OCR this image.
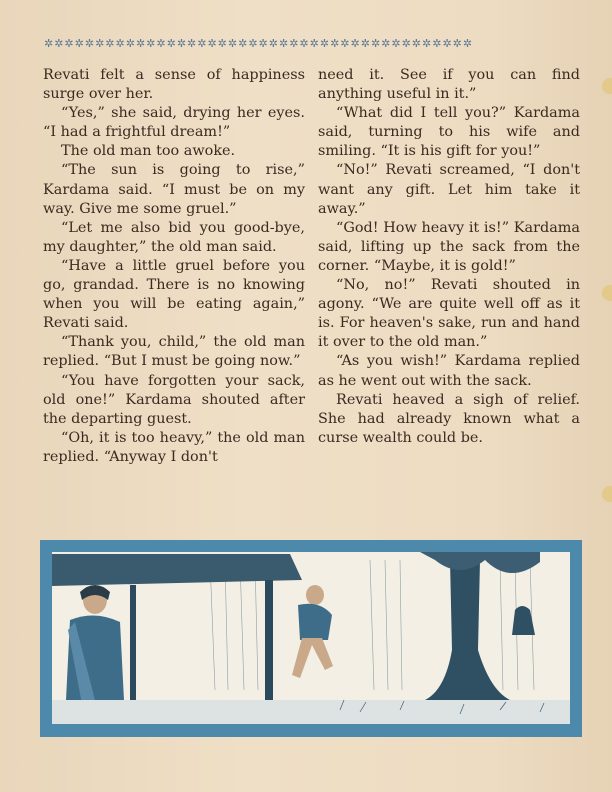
✲✲✲✲✲✲✲✲✲✲✲✲✲✲✲✲✲✲✲✲✲✲✲✲✲✲✲✲✲✲✲✲✲✲✲✲✲✲✲✲✲✲

Revati felt a sense of happiness surge over her.

“Yes,” she said, drying her eyes. “I had a frightful dream!”

The old man too awoke.

“The sun is going to rise,” Kardama said. “I must be on my way. Give me some gruel.”

“Let me also bid you good-bye, my daughter,” the old man said.

“Have a little gruel before you go, grandad. There is no knowing when you will be eating again,” Revati said.

“Thank you, child,” the old man replied. “But I must be going now.”

“You have forgotten your sack, old one!” Kardama shouted after the departing guest.

“Oh, it is too heavy,” the old man replied. “Anyway I don't

need it. See if you can find anything useful in it.”

“What did I tell you?” Kardama said, turning to his wife and smiling. “It is his gift for you!”

“No!” Revati screamed, “I don't want any gift. Let him take it away.”

“God! How heavy it is!” Kardama said, lifting up the sack from the corner. “Maybe, it is gold!”

“No, no!” Revati shouted in agony. “We are quite well off as it is. For heaven's sake, run and hand it over to the old man.”

“As you wish!” Kardama replied as he went out with the sack.

Revati heaved a sigh of relief. She had already known what a curse wealth could be.
